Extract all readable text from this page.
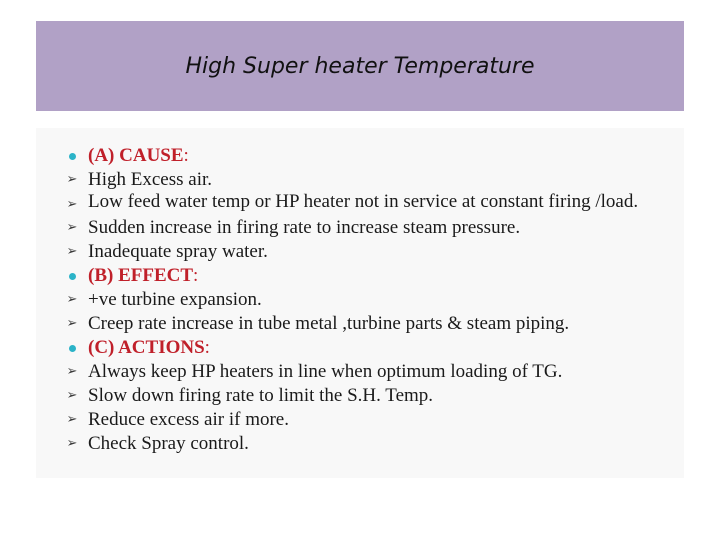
High Super heater Temperature
(A) CAUSE:
➢ High Excess air.
➢ Low feed water temp or HP heater not in service at constant firing /load.
➢ Sudden increase in firing rate to increase steam pressure.
➢ Inadequate spray water.
(B) EFFECT:
➢ +ve turbine expansion.
➢ Creep rate increase in tube metal ,turbine parts & steam piping.
(C) ACTIONS:
➢ Always keep HP heaters in line when optimum loading of TG.
➢ Slow down firing rate to limit the S.H. Temp.
➢ Reduce excess air if more.
➢ Check Spray control.
